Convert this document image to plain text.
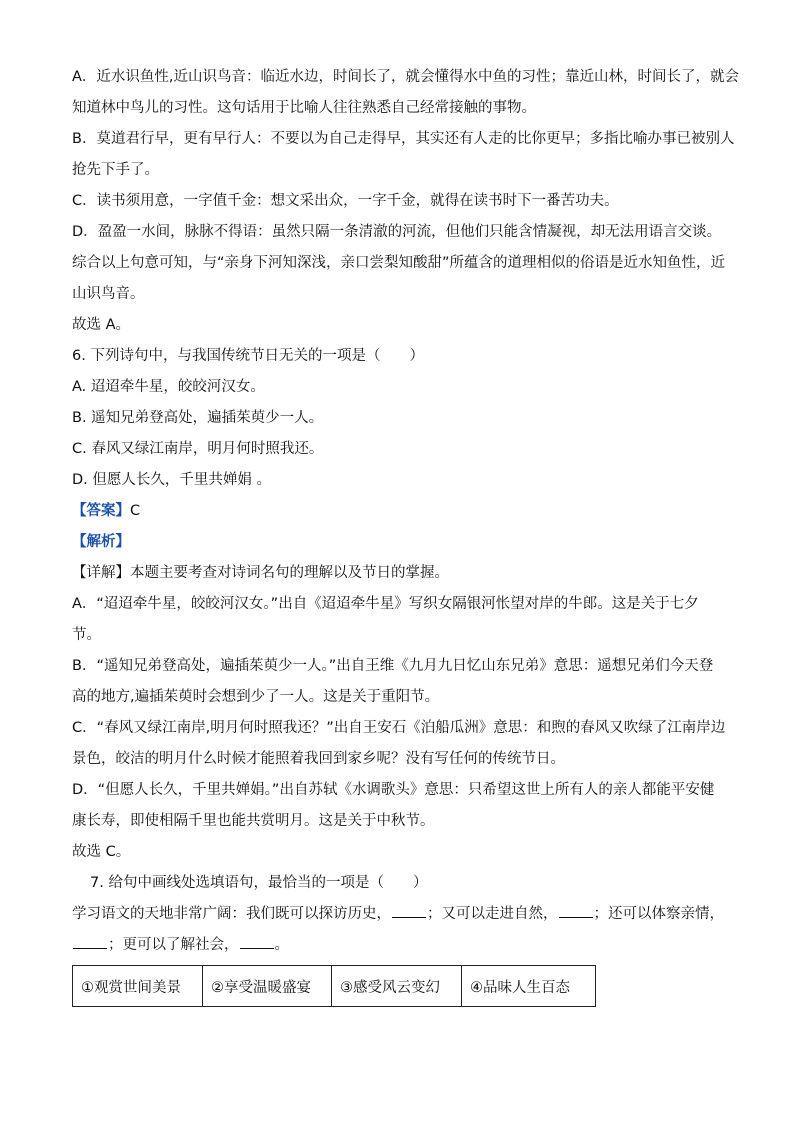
A．近水识鱼性,近山识鸟音：临近水边，时间长了，就会懂得水中鱼的习性；靠近山林，时间长了，就会

知道林中鸟儿的习性。这句话用于比喻人往往熟悉自己经常接触的事物。

B．莫道君行早，更有早行人：不要以为自己走得早，其实还有人走的比你更早；多指比喻办事已被别人

抢先下手了。

C．读书须用意，一字值千金：想文采出众，一字千金，就得在读书时下一番苦功夫。

D．盈盈一水间，脉脉不得语：虽然只隔一条清澈的河流，但他们只能含情凝视，却无法用语言交谈。

综合以上句意可知，与“亲身下河知深浅，亲口尝梨知酸甜”所蕴含的道理相似的俗语是近水知鱼性，近

山识鸟音。

故选 A。

6. 下列诗句中，与我国传统节日无关的一项是（　　）

A. 迢迢牵牛星，皎皎河汉女。

B. 遥知兄弟登高处，遍插茱萸少一人。

C. 春风又绿江南岸，明月何时照我还。

D. 但愿人长久，千里共婵娟 。

【答案】C

【解析】

【详解】本题主要考查对诗词名句的理解以及节日的掌握。

A．“迢迢牵牛星，皎皎河汉女。”出自《迢迢牵牛星》写织女隔银河怅望对岸的牛郎。这是关于七夕

节。

B．“遥知兄弟登高处，遍插茱萸少一人。”出自王维《九月九日忆山东兄弟》意思：遥想兄弟们今天登

高的地方,遍插茱萸时会想到少了一人。这是关于重阳节。

C．“春风又绿江南岸,明月何时照我还？”出自王安石《泊船瓜洲》意思：和煦的春风又吹绿了江南岸边

景色，皎洁的明月什么时候才能照着我回到家乡呢？没有写任何的传统节日。

D．“但愿人长久，千里共婵娟。”出自苏轼《水调歌头》意思：只希望这世上所有人的亲人都能平安健

康长寿，即使相隔千里也能共赏明月。这是关于中秋节。

故选 C。

7. 给句中画线处选填语句，最恰当的一项是（　　）

学习语文的天地非常广阔：我们既可以探访历史， ；又可以走进自然， ；还可以体察亲情，

；更可以了解社会， 。

①观赏世间美景	②享受温暖盛宴	③感受风云变幻	④品味人生百态
